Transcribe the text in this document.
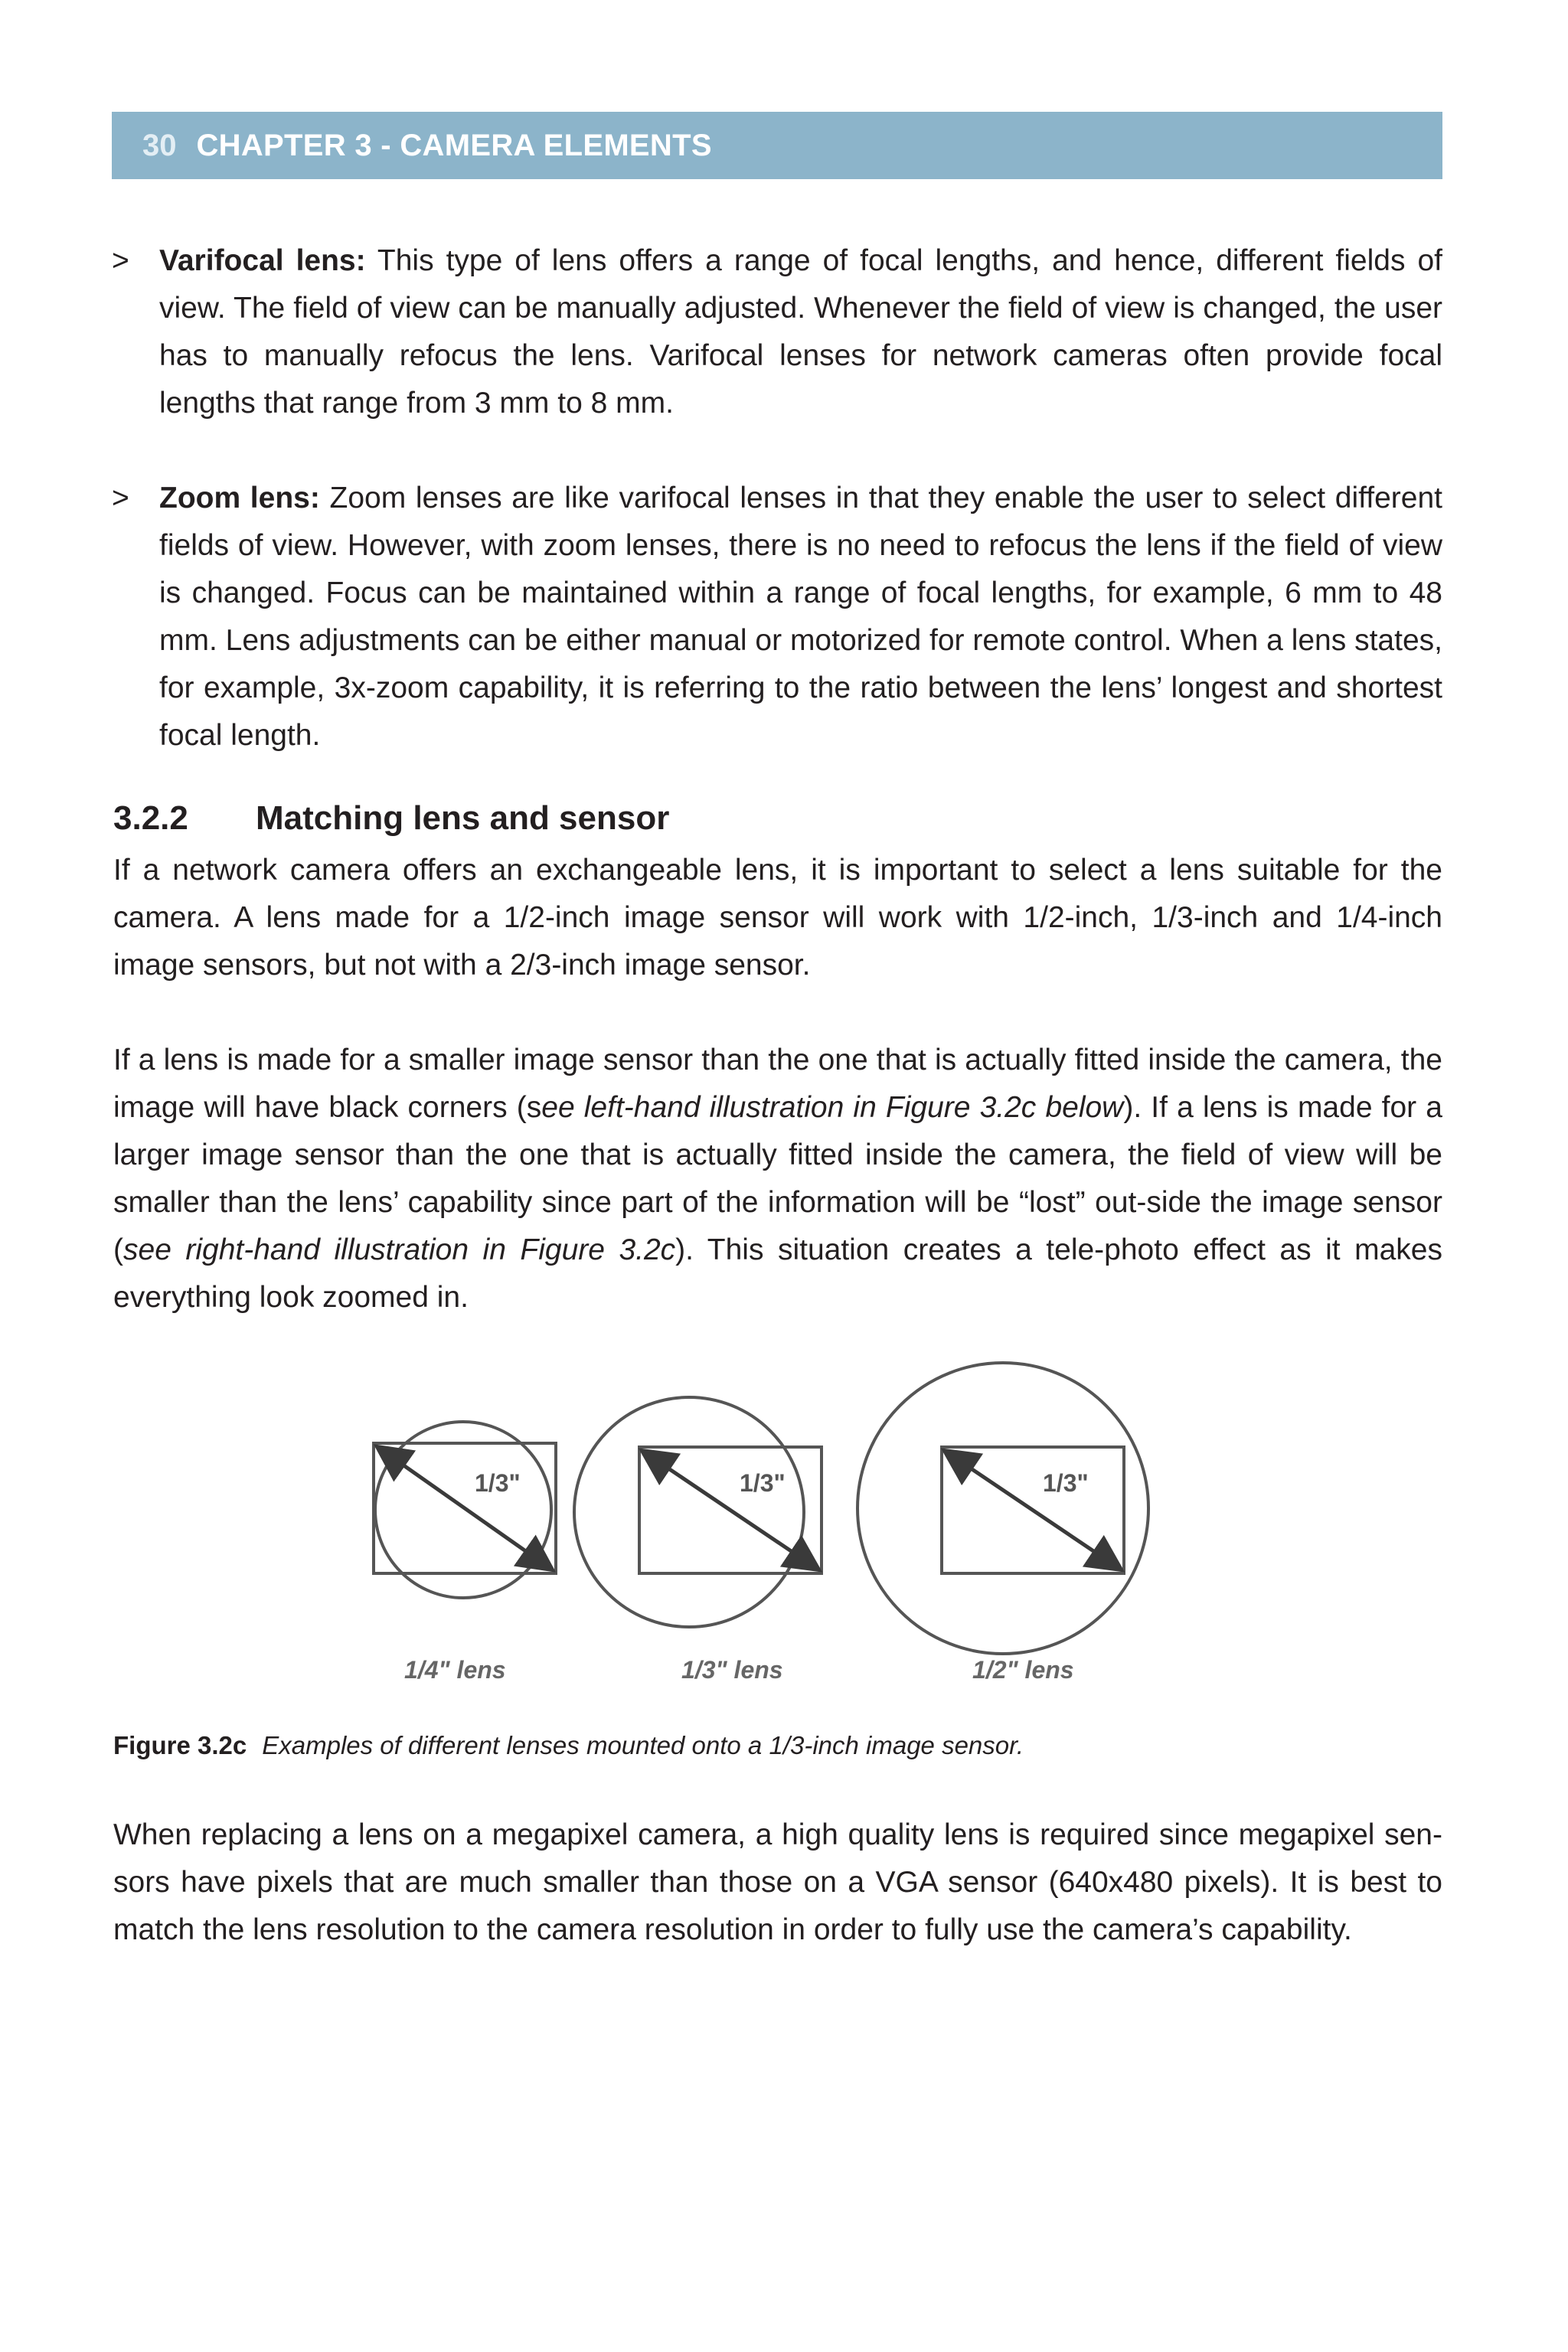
30 CHAPTER 3 - CAMERA ELEMENTS
> Varifocal lens: This type of lens offers a range of focal lengths, and hence, different fields of view. The field of view can be manually adjusted. Whenever the field of view is changed, the user has to manually refocus the lens. Varifocal lenses for network cameras often provide focal lengths that range from 3 mm to 8 mm.
> Zoom lens: Zoom lenses are like varifocal lenses in that they enable the user to select different fields of view. However, with zoom lenses, there is no need to refocus the lens if the field of view is changed. Focus can be maintained within a range of focal lengths, for example, 6 mm to 48 mm. Lens adjustments can be either manual or motorized for remote control. When a lens states, for example, 3x-zoom capability, it is referring to the ratio between the lens’ longest and shortest focal length.
3.2.2 Matching lens and sensor
If a network camera offers an exchangeable lens, it is important to select a lens suitable for the camera. A lens made for a 1/2-inch image sensor will work with 1/2-inch, 1/3-inch and 1/4-inch image sensors, but not with a 2/3-inch image sensor.
If a lens is made for a smaller image sensor than the one that is actually fitted inside the camera, the image will have black corners (see left-hand illustration in Figure 3.2c below). If a lens is made for a larger image sensor than the one that is actually fitted inside the camera, the field of view will be smaller than the lens’ capability since part of the information will be “lost” out-side the image sensor (see right-hand illustration in Figure 3.2c). This situation creates a tele-photo effect as it makes everything look zoomed in.
1/3"
1/4" lens
1/3"
1/3" lens
1/3"
1/2" lens
Figure 3.2c Examples of different lenses mounted onto a 1/3-inch image sensor.
When replacing a lens on a megapixel camera, a high quality lens is required since megapixel sen-sors have pixels that are much smaller than those on a VGA sensor (640x480 pixels). It is best to match the lens resolution to the camera resolution in order to fully use the camera’s capability.
